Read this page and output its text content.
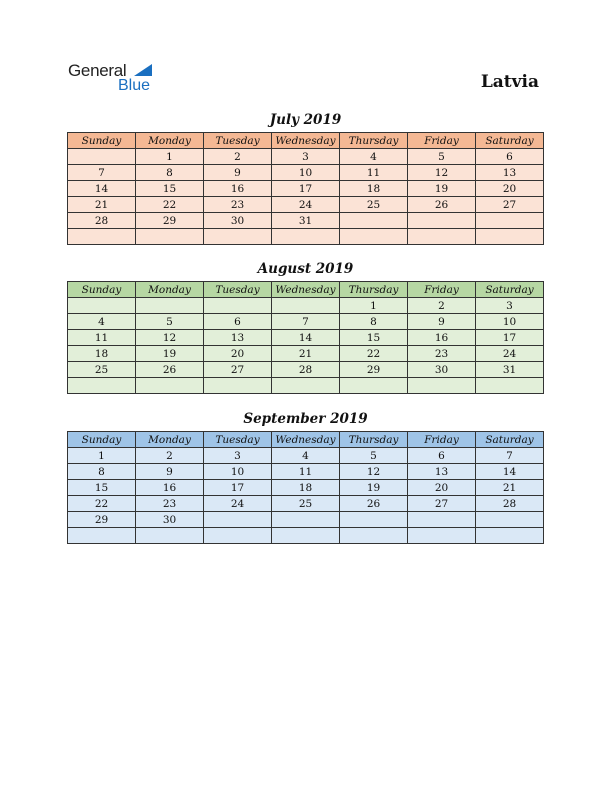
General
Blue	Latvia
July 2019
Sunday	Monday	Tuesday	Wednesday	Thursday	Friday	Saturday
	1	2	3	4	5	6
7	8	9	10	11	12	13
14	15	16	17	18	19	20
21	22	23	24	25	26	27
28	29	30	31			

August 2019
Sunday	Monday	Tuesday	Wednesday	Thursday	Friday	Saturday
				1	2	3
4	5	6	7	8	9	10
11	12	13	14	15	16	17
18	19	20	21	22	23	24
25	26	27	28	29	30	31

September 2019
Sunday	Monday	Tuesday	Wednesday	Thursday	Friday	Saturday
1	2	3	4	5	6	7
8	9	10	11	12	13	14
15	16	17	18	19	20	21
22	23	24	25	26	27	28
29	30					
